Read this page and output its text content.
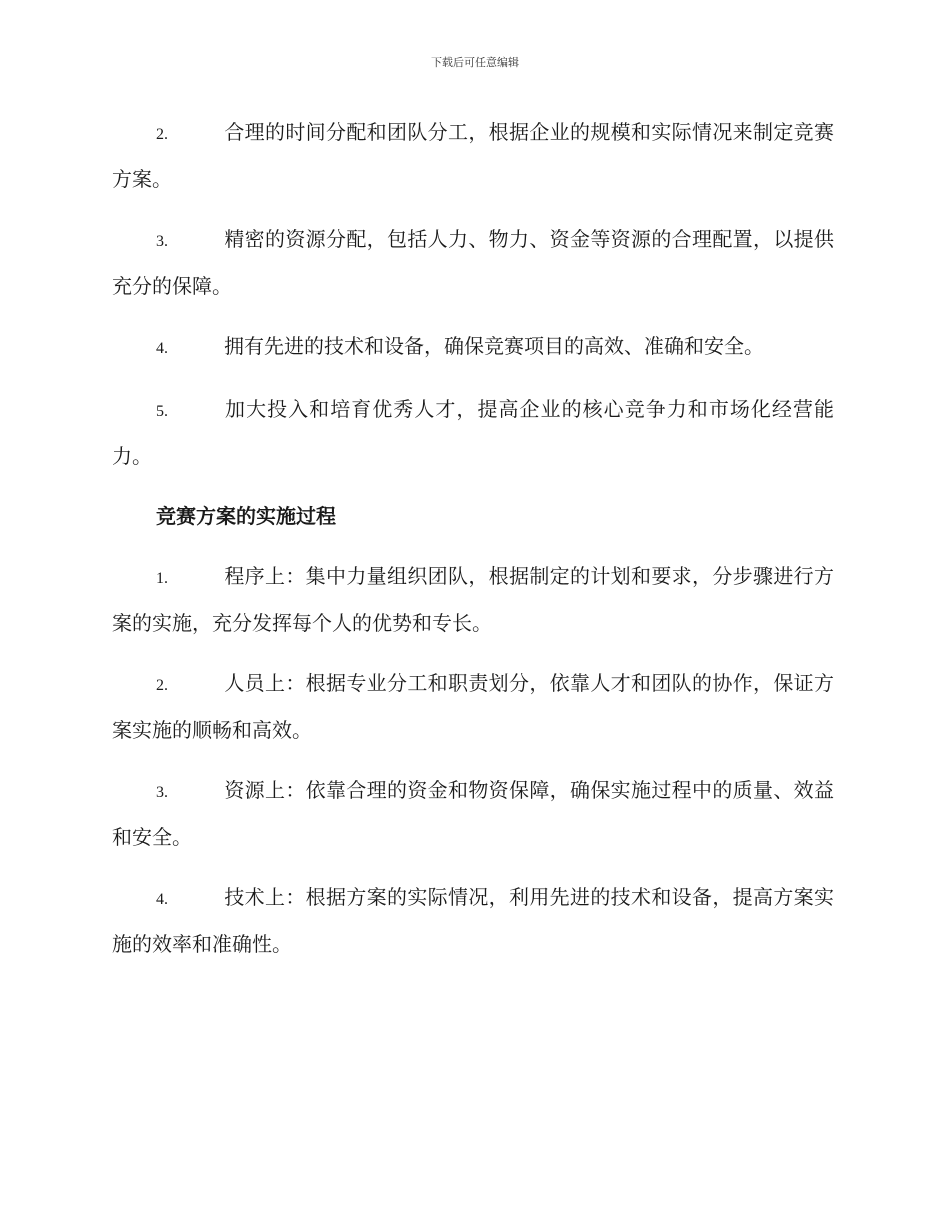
下载后可任意编辑
2.	合理的时间分配和团队分工，根据企业的规模和实际情况来制定竞赛方案。
3.	精密的资源分配，包括人力、物力、资金等资源的合理配置，以提供充分的保障。
4.	拥有先进的技术和设备，确保竞赛项目的高效、准确和安全。
5.	加大投入和培育优秀人才，提高企业的核心竞争力和市场化经营能力。
竞赛方案的实施过程
1.	程序上：集中力量组织团队，根据制定的计划和要求，分步骤进行方案的实施，充分发挥每个人的优势和专长。
2.	人员上：根据专业分工和职责划分，依靠人才和团队的协作，保证方案实施的顺畅和高效。
3.	资源上：依靠合理的资金和物资保障，确保实施过程中的质量、效益和安全。
4.	技术上：根据方案的实际情况，利用先进的技术和设备，提高方案实施的效率和准确性。
